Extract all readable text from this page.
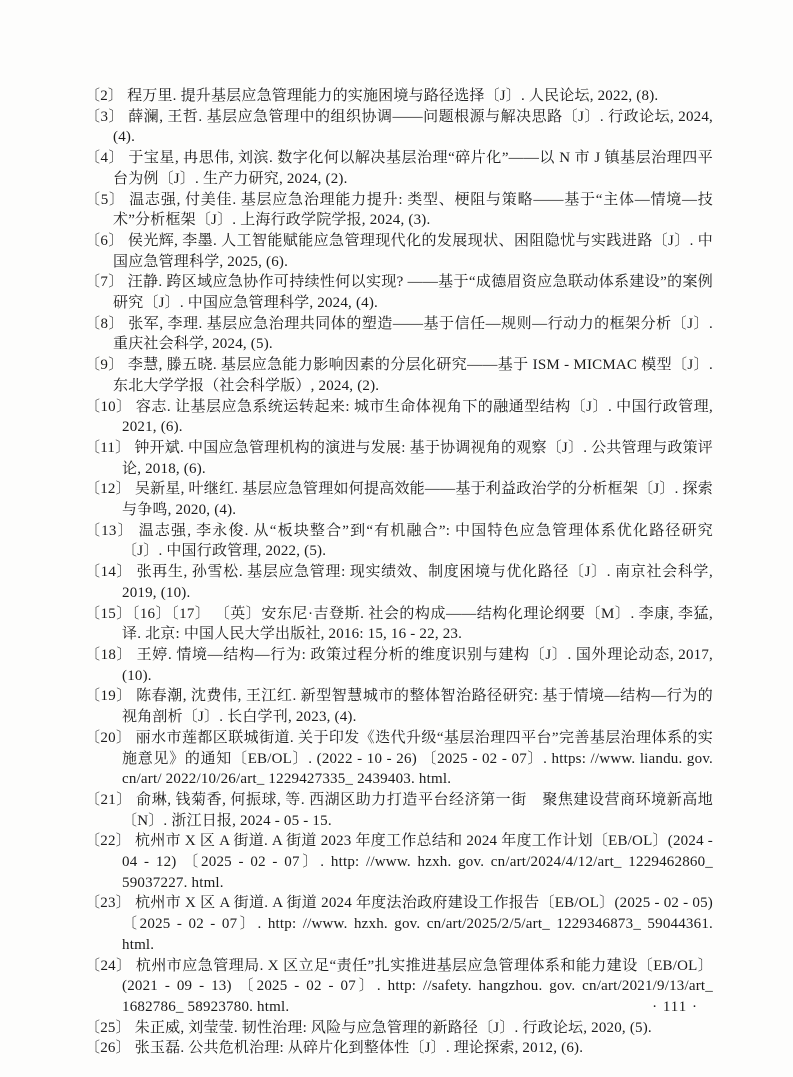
〔2〕 程万里. 提升基层应急管理能力的实施困境与路径选择〔J〕. 人民论坛, 2022, (8).

〔3〕 薛澜, 王哲. 基层应急管理中的组织协调——问题根源与解决思路〔J〕. 行政论坛, 2024, (4).

〔4〕 于宝星, 冉思伟, 刘滨. 数字化何以解决基层治理“碎片化”——以 N 市 J 镇基层治理四平台为例〔J〕. 生产力研究, 2024, (2).

〔5〕 温志强, 付美佳. 基层应急治理能力提升: 类型、梗阻与策略——基于“主体—情境—技术”分析框架〔J〕. 上海行政学院学报, 2024, (3).

〔6〕 侯光辉, 李墨. 人工智能赋能应急管理现代化的发展现状、困阻隐忧与实践进路〔J〕. 中国应急管理科学, 2025, (6).

〔7〕 汪静. 跨区域应急协作可持续性何以实现? ——基于“成德眉资应急联动体系建设”的案例研究〔J〕. 中国应急管理科学, 2024, (4).

〔8〕 张军, 李理. 基层应急治理共同体的塑造——基于信任—规则—行动力的框架分析〔J〕. 重庆社会科学, 2024, (5).

〔9〕 李慧, 滕五晓. 基层应急能力影响因素的分层化研究——基于 ISM - MICMAC 模型〔J〕. 东北大学学报（社会科学版）, 2024, (2).

〔10〕 容志. 让基层应急系统运转起来: 城市生命体视角下的融通型结构〔J〕. 中国行政管理, 2021, (6).

〔11〕 钟开斌. 中国应急管理机构的演进与发展: 基于协调视角的观察〔J〕. 公共管理与政策评论, 2018, (6).

〔12〕 吴新星, 叶继红. 基层应急管理如何提高效能——基于利益政治学的分析框架〔J〕. 探索与争鸣, 2020, (4).

〔13〕 温志强, 李永俊. 从“板块整合”到“有机融合”: 中国特色应急管理体系优化路径研究〔J〕. 中国行政管理, 2022, (5).

〔14〕 张再生, 孙雪松. 基层应急管理: 现实绩效、制度困境与优化路径〔J〕. 南京社会科学, 2019, (10).

〔15〕〔16〕〔17〕 〔英〕安东尼·吉登斯. 社会的构成——结构化理论纲要〔M〕. 李康, 李猛, 译. 北京: 中国人民大学出版社, 2016: 15, 16 - 22, 23.

〔18〕 王婷. 情境—结构—行为: 政策过程分析的维度识别与建构〔J〕. 国外理论动态, 2017, (10).

〔19〕 陈春潮, 沈费伟, 王江红. 新型智慧城市的整体智治路径研究: 基于情境—结构—行为的视角剖析〔J〕. 长白学刊, 2023, (4).

〔20〕 丽水市莲都区联城街道. 关于印发《迭代升级“基层治理四平台”完善基层治理体系的实施意见》的通知〔EB/OL〕. (2022 - 10 - 26) 〔2025 - 02 - 07〕. https: //www. liandu. gov. cn/art/ 2022/10/26/art_ 1229427335_ 2439403. html.

〔21〕 俞琳, 钱菊香, 何振球, 等. 西湖区助力打造平台经济第一街　聚焦建设营商环境新高地〔N〕. 浙江日报, 2024 - 05 - 15.

〔22〕 杭州市 X 区 A 街道. A 街道 2023 年度工作总结和 2024 年度工作计划〔EB/OL〕(2024 - 04 - 12) 〔2025 - 02 - 07〕. http: //www. hzxh. gov. cn/art/2024/4/12/art_ 1229462860_ 59037227. html.

〔23〕 杭州市 X 区 A 街道. A 街道 2024 年度法治政府建设工作报告〔EB/OL〕(2025 - 02 - 05) 〔2025 - 02 - 07〕. http: //www. hzxh. gov. cn/art/2025/2/5/art_ 1229346873_ 59044361. html.

〔24〕 杭州市应急管理局. X 区立足“责任”扎实推进基层应急管理体系和能力建设〔EB/OL〕(2021 - 09 - 13) 〔2025 - 02 - 07〕. http: //safety. hangzhou. gov. cn/art/2021/9/13/art_ 1682786_ 58923780. html.

〔25〕 朱正威, 刘莹莹. 韧性治理: 风险与应急管理的新路径〔J〕. 行政论坛, 2020, (5).

〔26〕 张玉磊. 公共危机治理: 从碎片化到整体性〔J〕. 理论探索, 2012, (6).

· 111 ·
